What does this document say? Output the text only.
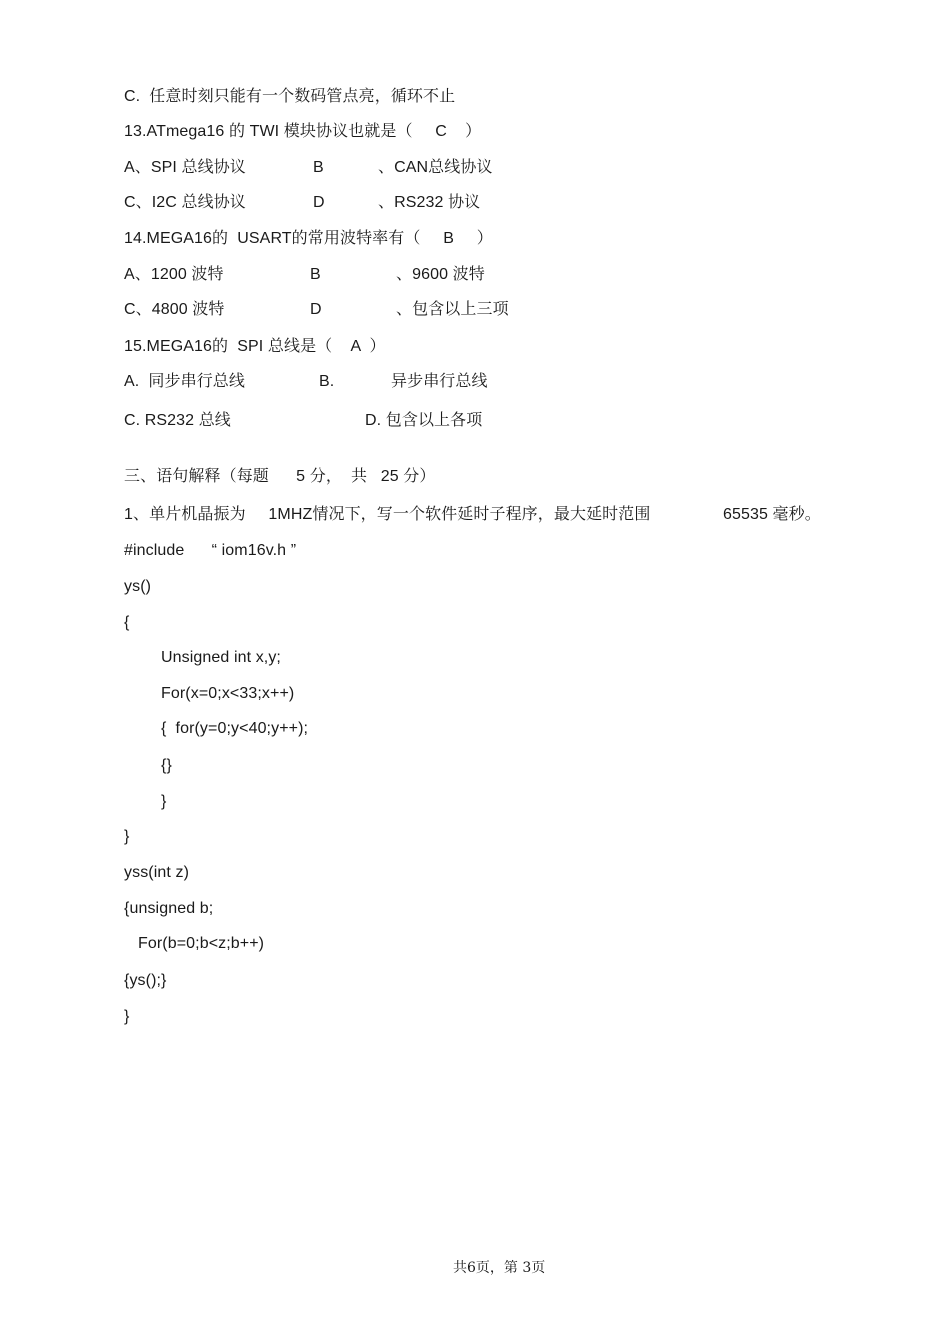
C.  任意时刻只能有一个数码管点亮，循环不止
13.ATmega16 的 TWI 模块协议也就是（     C    ）
A、SPI 总线协议	B	、CAN总线协议
C、I2C 总线协议	D	、RS232 协议
14.MEGA16的  USART的常用波特率有（     B     ）
A、1200 波特	B	、9600 波特
C、4800 波特	D	、包含以上三项
15.MEGA16的  SPI 总线是（    A  ）
A.  同步串行总线	B.	异步串行总线
C. RS232 总线	D. 包含以上各项
三、语句解释（每题      5 分，  共   25 分）
1、单片机晶振为     1MHZ情况下，写一个软件延时子程序，最大延时范围	65535 毫秒。
#include      “ iom16v.h ”
ys()
{
Unsigned int x,y;
For(x=0;x<33;x++)
{  for(y=0;y<40;y++);
{}
}
}
yss(int z)
{unsigned b;
For(b=0;b<z;b++)
{ys();}
}
共6页，第 3页
